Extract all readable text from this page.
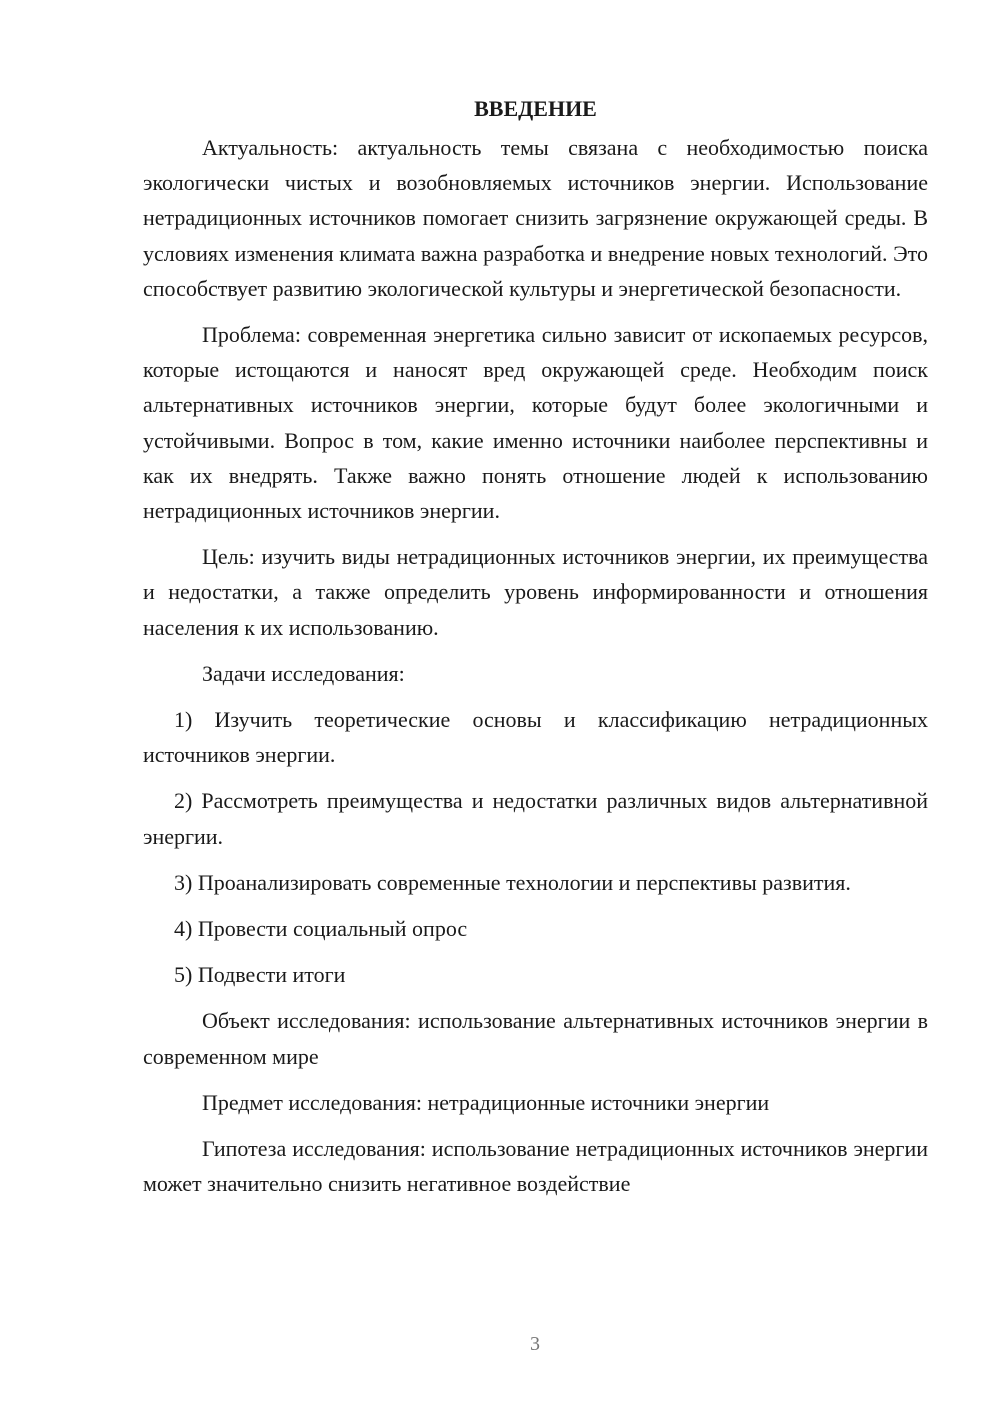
ВВЕДЕНИЕ

Актуальность: актуальность темы связана с необходимостью поиска экологически чистых и возобновляемых источников энергии. Использование нетрадиционных источников помогает снизить загрязнение окружающей среды. В условиях изменения климата важна разработка и внедрение новых технологий. Это способствует развитию экологической культуры и энергетической безопасности.

Проблема: современная энергетика сильно зависит от ископаемых ресурсов, которые истощаются и наносят вред окружающей среде. Необходим поиск альтернативных источников энергии, которые будут более экологичными и устойчивыми. Вопрос в том, какие именно источники наиболее перспективны и как их внедрять. Также важно понять отношение людей к использованию нетрадиционных источников энергии.

Цель: изучить виды нетрадиционных источников энергии, их преимущества и недостатки, а также определить уровень информированности и отношения населения к их использованию.

Задачи исследования:

1) Изучить теоретические основы и классификацию нетрадиционных источников энергии.

2) Рассмотреть преимущества и недостатки различных видов альтернативной энергии.

3) Проанализировать современные технологии и перспективы развития.

4) Провести социальный опрос

5) Подвести итоги

Объект исследования: использование альтернативных источников энергии в современном мире

Предмет исследования: нетрадиционные источники энергии

Гипотеза исследования: использование нетрадиционных источников энергии может значительно снизить негативное воздействие

3
